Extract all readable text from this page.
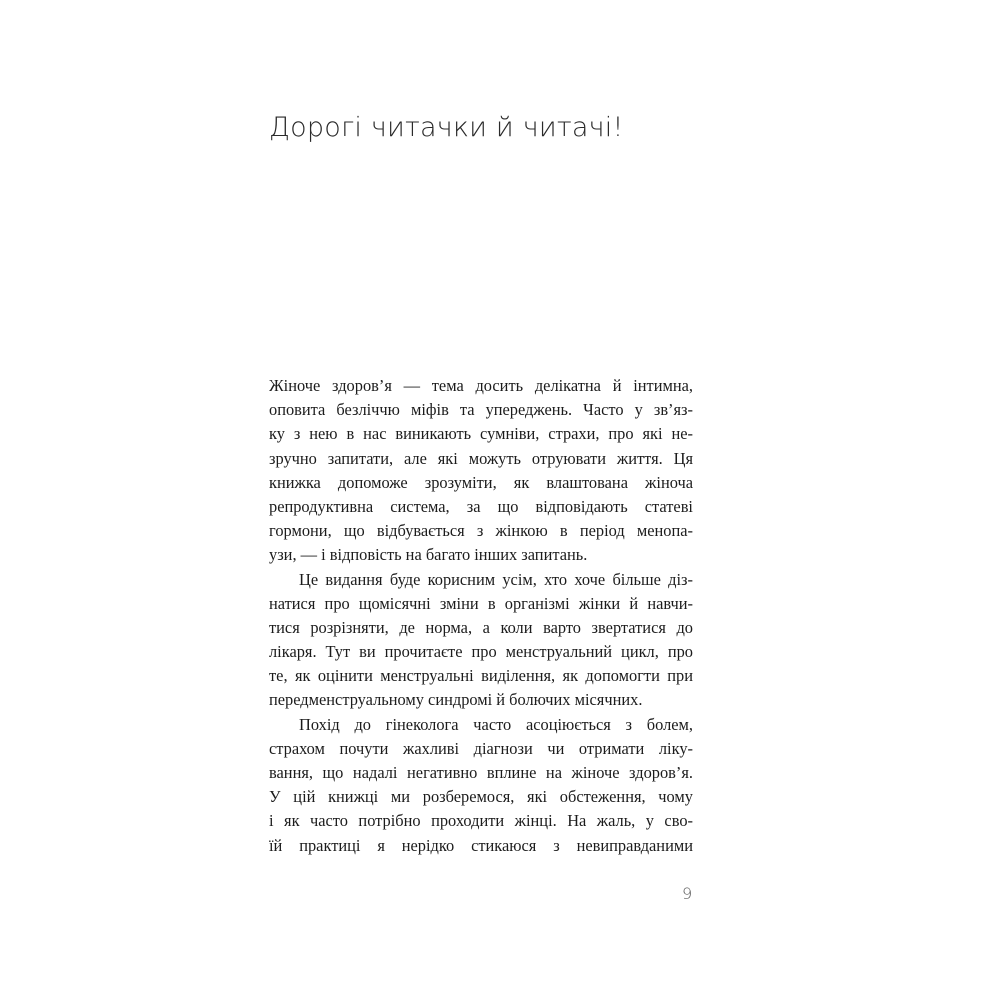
Дорогі читачки й читачі!
Жіноче здоров’я — тема досить делікатна й інтимна,
оповита безліччю міфів та упереджень. Часто у зв’яз-
ку з нею в нас виникають сумніви, страхи, про які не-
зручно запитати, але які можуть отруювати життя. Ця
книжка допоможе зрозуміти, як влаштована жіноча
репродуктивна система, за що відповідають статеві
гормони, що відбувається з жінкою в період менопа-
узи, — і відповість на багато інших запитань.
Це видання буде корисним усім, хто хоче більше діз-
натися про щомісячні зміни в організмі жінки й навчи-
тися розрізняти, де норма, а коли варто звертатися до
лікаря. Тут ви прочитаєте про менструальний цикл, про
те, як оцінити менструальні виділення, як допомогти при
передменструальному синдромі й болючих місячних.
Похід до гінеколога часто асоціюється з болем,
страхом почути жахливі діагнози чи отримати ліку-
вання, що надалі негативно вплине на жіноче здоров’я.
У цій книжці ми розберемося, які обстеження, чому
і як часто потрібно проходити жінці. На жаль, у сво-
їй практиці я нерідко стикаюся з невиправданими
9
